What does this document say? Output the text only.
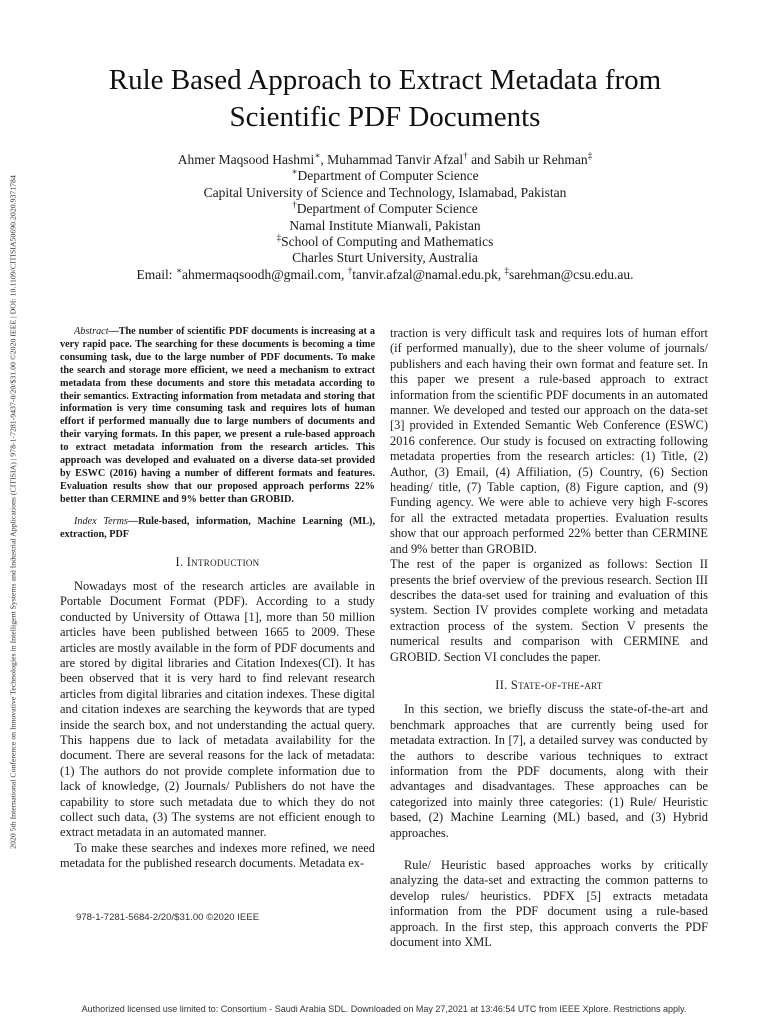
2020 5th International Conference on Innovative Technologies in Intelligent Systems and Industrial Applications (CITISIA) | 978-1-7281-9437-0/20/$31.00 ©2020 IEEE | DOI: 10.1109/CITISIA50690.2020.9371784
Rule Based Approach to Extract Metadata from
Scientific PDF Documents
Ahmer Maqsood Hashmi∗, Muhammad Tanvir Afzal† and Sabih ur Rehman‡
∗Department of Computer Science
Capital University of Science and Technology, Islamabad, Pakistan
†Department of Computer Science
Namal Institute Mianwali, Pakistan
‡School of Computing and Mathematics
Charles Sturt University, Australia
Email: ∗ahmermaqsoodh@gmail.com, †tanvir.afzal@namal.edu.pk, ‡sarehman@csu.edu.au.

Abstract—The number of scientific PDF documents is increasing at a very rapid pace. The searching for these documents is becoming a time consuming task, due to the large number of PDF documents. To make the search and storage more efficient, we need a mechanism to extract metadata from these documents and store this metadata according to their semantics. Extracting information from metadata and storing that information is very time consuming task and requires lots of human effort if performed manually due to large numbers of documents and their varying formats. In this paper, we present a rule-based approach to extract metadata information from the research articles. This approach was developed and evaluated on a diverse data-set provided by ESWC (2016) having a number of different formats and features. Evaluation results show that our proposed approach performs 22% better than CERMINE and 9% better than GROBID.

Index Terms—Rule-based, information, Machine Learning (ML), extraction, PDF

I. Introduction

Nowadays most of the research articles are available in Portable Document Format (PDF). According to a study conducted by University of Ottawa [1], more than 50 million articles have been published between 1665 to 2009. These articles are mostly available in the form of PDF documents and are stored by digital libraries and Citation Indexes(CI). It has been observed that it is very hard to find relevant research articles from digital libraries and citation indexes. These digital and citation indexes are searching the keywords that are typed inside the search box, and not understanding the actual query. This happens due to lack of metadata availability for the document. There are several reasons for the lack of metadata: (1) The authors do not provide complete information due to lack of knowledge, (2) Journals/ Publishers do not have the capability to store such metadata due to which they do not collect such data, (3) The systems are not efficient enough to extract metadata in an automated manner.

To make these searches and indexes more refined, we need metadata for the published research documents. Metadata ex-

traction is very difficult task and requires lots of human effort (if performed manually), due to the sheer volume of journals/ publishers and each having their own format and feature set. In this paper we present a rule-based approach to extract information from the scientific PDF documents in an automated manner. We developed and tested our approach on the data-set [3] provided in Extended Semantic Web Conference (ESWC) 2016 conference. Our study is focused on extracting following metadata properties from the research articles: (1) Title, (2) Author, (3) Email, (4) Affiliation, (5) Country, (6) Section heading/ title, (7) Table caption, (8) Figure caption, and (9) Funding agency. We were able to achieve very high F-scores for all the extracted metadata properties. Evaluation results show that our approach performed 22% better than CERMINE and 9% better than GROBID.

The rest of the paper is organized as follows: Section II presents the brief overview of the previous research. Section III describes the data-set used for training and evaluation of this system. Section IV provides complete working and metadata extraction process of the system. Section V presents the numerical results and comparison with CERMINE and GROBID. Section VI concludes the paper.

II. State-of-the-art

In this section, we briefly discuss the state-of-the-art and benchmark approaches that are currently being used for metadata extraction. In [7], a detailed survey was conducted by the authors to describe various techniques to extract information from the PDF documents, along with their advantages and disadvantages. These approaches can be categorized into mainly three categories: (1) Rule/ Heuristic based, (2) Machine Learning (ML) based, and (3) Hybrid approaches.

Rule/ Heuristic based approaches works by critically analyzing the data-set and extracting the common patterns to develop rules/ heuristics. PDFX [5] extracts metadata information from the PDF document using a rule-based approach. In the first step, this approach converts the PDF document into XML

978-1-7281-5684-2/20/$31.00 ©2020 IEEE
Authorized licensed use limited to: Consortium - Saudi Arabia SDL. Downloaded on May 27,2021 at 13:46:54 UTC from IEEE Xplore. Restrictions apply.
